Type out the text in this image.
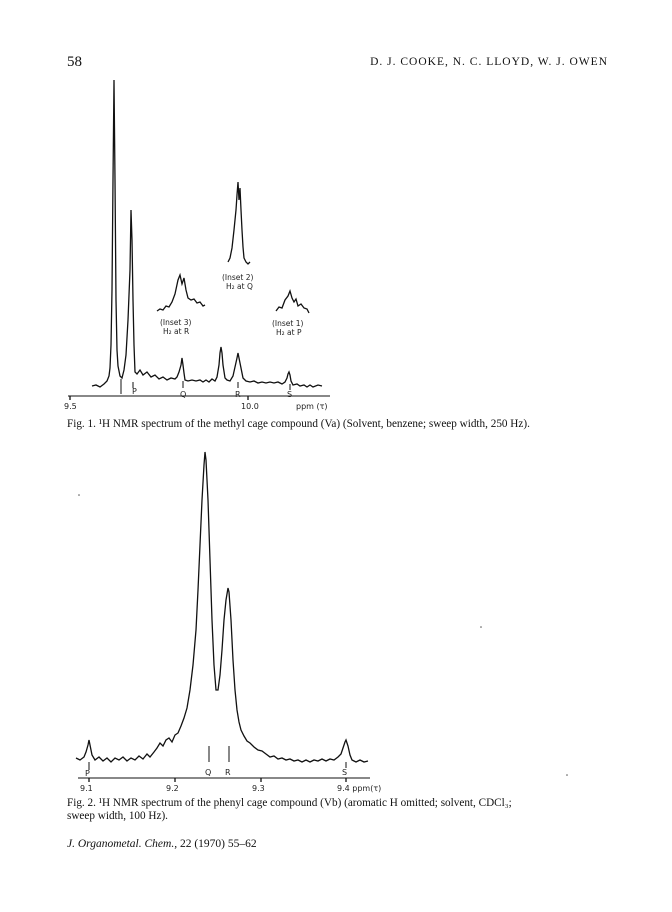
58	D. J. COOKE, N. C. LLOYD, W. J. OWEN
P	Q	R	S
9.5	10.0	ppm (τ)
(Inset 2)
H₂ at Q
(Inset 3)
H₂ at R
(Inset 1)
H₂ at P
P	Q R	S
9.1	9.2	9.3	9.4 ppm(τ)
Fig. 1. ¹H NMR spectrum of the methyl cage compound (Va) (Solvent, benzene; sweep width, 250 Hz).
Fig. 2. ¹H NMR spectrum of the phenyl cage compound (Vb) (aromatic H omitted; solvent, CDCl₃;
sweep width, 100 Hz).
J. Organometal. Chem., 22 (1970) 55–62
